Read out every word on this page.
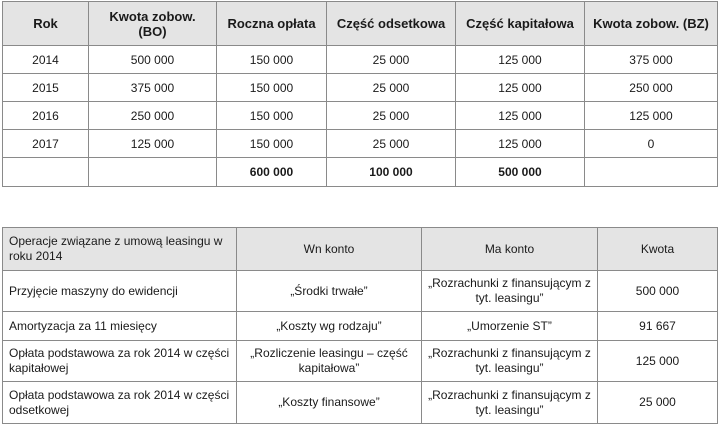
Rok	Kwota zobow. (BO)	Roczna opłata	Część odsetkowa	Część kapitałowa	Kwota zobow. (BZ)
2014	500 000	150 000	25 000	125 000	375 000
2015	375 000	150 000	25 000	125 000	250 000
2016	250 000	150 000	25 000	125 000	125 000
2017	125 000	150 000	25 000	125 000	0
		600 000	100 000	500 000	
Operacje związane z umową leasingu w roku 2014	Wn konto	Ma konto	Kwota
Przyjęcie maszyny do ewidencji	„Środki trwałe”	„Rozrachunki z finansującym z tyt. leasingu”	500 000
Amortyzacja za 11 miesięcy	„Koszty wg rodzaju”	„Umorzenie ST”	91 667
Opłata podstawowa za rok 2014 w części kapitałowej	„Rozliczenie leasingu – część kapitałowa”	„Rozrachunki z finansującym z tyt. leasingu”	125 000
Opłata podstawowa za rok 2014 w części odsetkowej	„Koszty finansowe”	„Rozrachunki z finansującym z tyt. leasingu”	25 000
